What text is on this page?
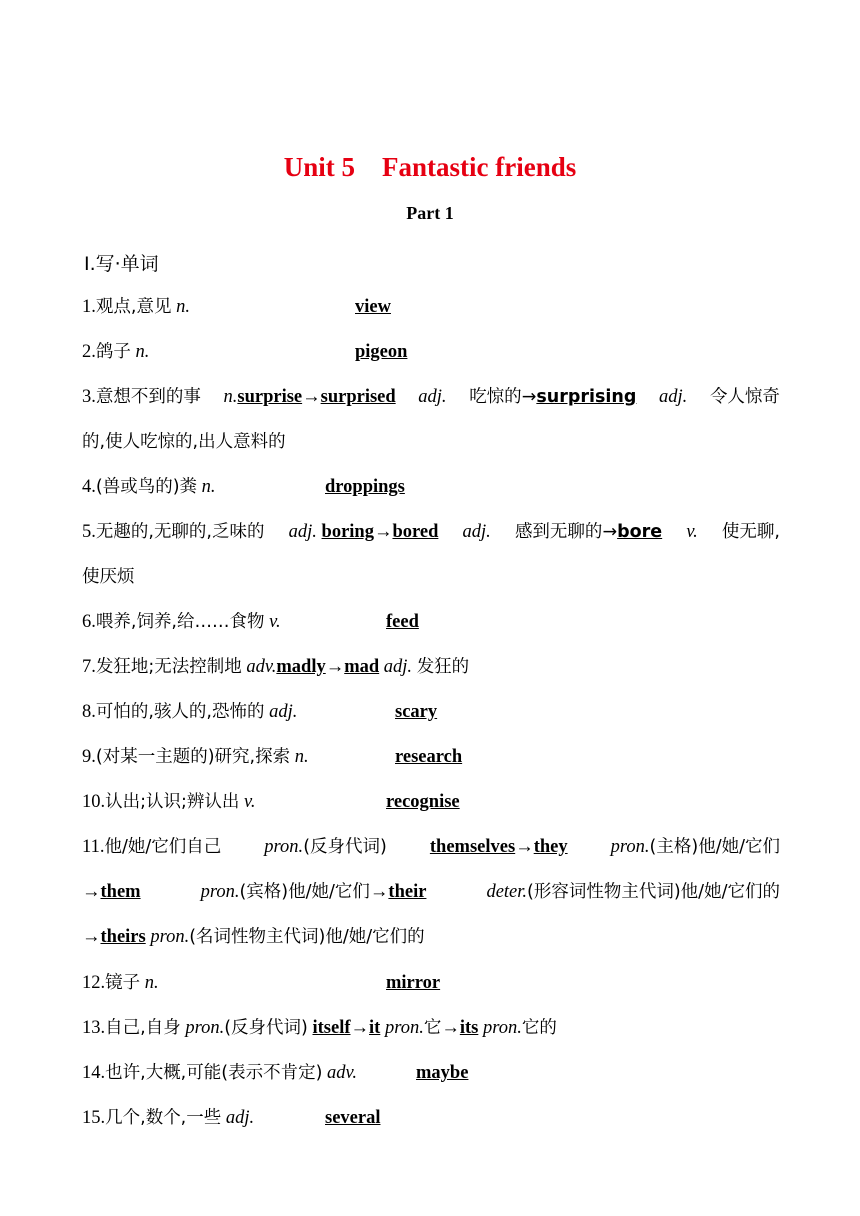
Unit 5    Fantastic friends
Part 1
Ⅰ.写·单词
1.观点,意见 n.	view
2.鸽子 n.	pigeon
3.意想不到的事 n.surprise→surprised adj. 吃惊的→surprising adj. 令人惊奇
的,使人吃惊的,出人意料的
4.(兽或鸟的)粪 n.	droppings
5.无趣的,无聊的,乏味的 adj. boring→bored adj. 感到无聊的→bore v. 使无聊,
使厌烦
6.喂养,饲养,给……食物 v.	feed
7.发狂地;无法控制地 adv.madly→mad adj. 发狂的
8.可怕的,骇人的,恐怖的 adj.	scary
9.(对某一主题的)研究,探索 n.	research
10.认出;认识;辨认出 v.	recognise
11.他/她/它们自己 pron.(反身代词) themselves→they pron.(主格)他/她/它们
→them	pron.(宾格)他/她/它们→their	deter.(形容词性物主代词)他/她/它们的
→theirs pron.(名词性物主代词)他/她/它们的
12.镜子 n.	mirror
13.自己,自身 pron.(反身代词) itself→it pron.它→its pron.它的
14.也许,大概,可能(表示不肯定) adv.	maybe
15.几个,数个,一些 adj.	several
